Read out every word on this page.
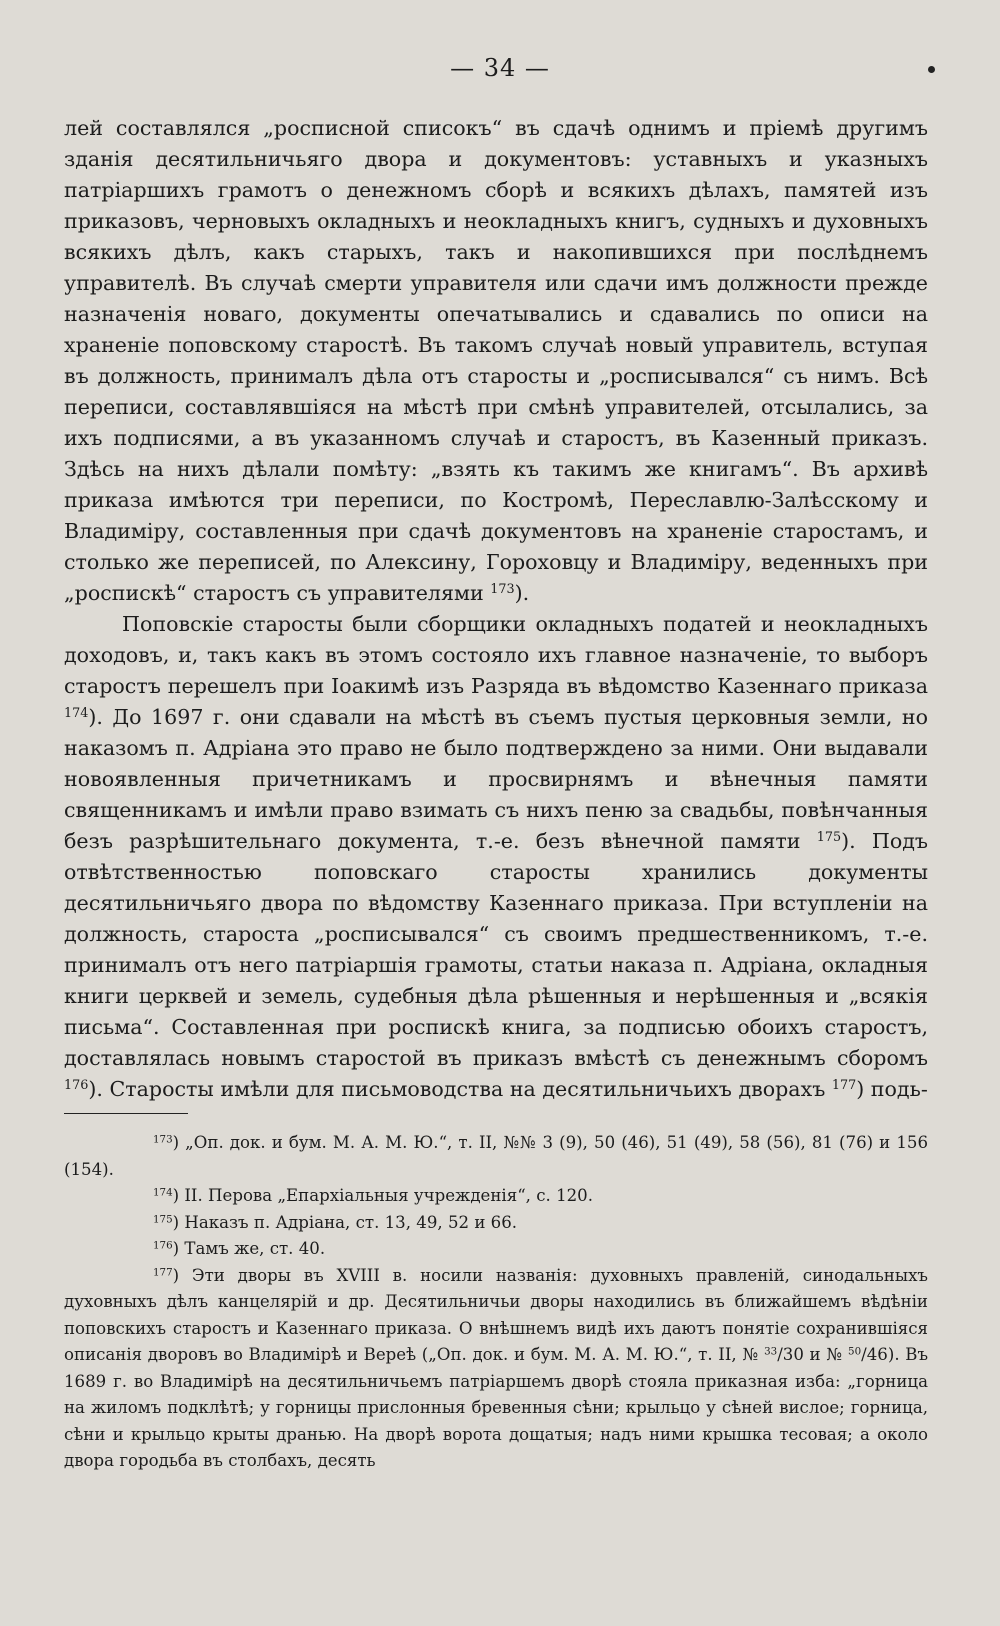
— 34 —

лей составлялся „росписной списокъ“ въ сдачѣ однимъ и пріемѣ другимъ зданія десятильничьяго двора и документовъ: уставныхъ и указныхъ патріаршихъ грамотъ о денежномъ сборѣ и всякихъ дѣлахъ, памятей изъ приказовъ, черновыхъ окладныхъ и неокладныхъ книгъ, судныхъ и духовныхъ всякихъ дѣлъ, какъ старыхъ, такъ и накопившихся при послѣднемъ управителѣ. Въ случаѣ смерти управителя или сдачи имъ должности прежде назначенія новаго, документы опечатывались и сдавались по описи на храненіе поповскому старостѣ. Въ такомъ случаѣ новый управитель, вступая въ должность, принималъ дѣла отъ старосты и „росписывался“ съ нимъ. Всѣ переписи, составлявшіяся на мѣстѣ при смѣнѣ управителей, отсылались, за ихъ подписями, а въ указанномъ случаѣ и старостъ, въ Казенный приказъ. Здѣсь на нихъ дѣлали помѣту: „взять къ такимъ же книгамъ“. Въ архивѣ приказа имѣются три переписи, по Костромѣ, Переславлю-Залѣсскому и Владиміру, составленныя при сдачѣ документовъ на храненіе старостамъ, и столько же переписей, по Алексину, Гороховцу и Владиміру, веденныхъ при „роспискѣ“ старостъ съ управителями $^{173}$).

Поповскіе старосты были сборщики окладныхъ податей и неокладныхъ доходовъ, и, такъ какъ въ этомъ состояло ихъ главное назначеніе, то выборъ старостъ перешелъ при Іоакимѣ изъ Разряда въ вѣдомство Казеннаго приказа $^{174}$). До 1697 г. они сдавали на мѣстѣ въ съемъ пустыя церковныя земли, но наказомъ п. Адріана это право не было подтверждено за ними. Они выдавали новоявленныя причетникамъ и просвирнямъ и вѣнечныя памяти священникамъ и имѣли право взимать съ нихъ пеню за свадьбы, повѣнчанныя безъ разрѣшительнаго документа, т.-е. безъ вѣнечной памяти $^{175}$). Подъ отвѣтственностью поповскаго старосты хранились документы десятильничьяго двора по вѣдомству Казеннаго приказа. При вступленіи на должность, староста „росписывался“ съ своимъ предшественникомъ, т.-е. принималъ отъ него патріаршія грамоты, статьи наказа п. Адріана, окладныя книги церквей и земель, судебныя дѣла рѣшенныя и нерѣшенныя и „всякія письма“. Составленная при роспискѣ книга, за подписью обоихъ старостъ, доставлялась новымъ старостой въ приказъ вмѣстѣ съ денежнымъ сборомъ $^{176}$). Старосты имѣли для письмоводства на десятильничьихъ дворахъ $^{177}$) подь-

$^{173}$) „Оп. док. и бум. М. А. М. Ю.“, т. II, №№ 3 (9), 50 (46), 51 (49), 58 (56), 81 (76) и 156 (154).

$^{174}$) II. Перова „Епархіальныя учрежденія“, с. 120.

$^{175}$) Наказъ п. Адріана, ст. 13, 49, 52 и 66.

$^{176}$) Тамъ же, ст. 40.

$^{177}$) Эти дворы въ XVIII в. носили названія: духовныхъ правленій, синодальныхъ духовныхъ дѣлъ канцелярій и др. Десятильничьи дворы находились въ ближайшемъ вѣдѣніи поповскихъ старостъ и Казеннаго приказа. О внѣшнемъ видѣ ихъ даютъ понятіе сохранившіяся описанія дворовъ во Владимірѣ и Вереѣ („Оп. док. и бум. М. А. М. Ю.“, т. II, № $^{33}$/30 и № $^{50}$/46). Въ 1689 г. во Владимірѣ на десятильничьемъ патріаршемъ дворѣ стояла приказная изба: „горница на жиломъ подклѣтѣ; у горницы прислонныя бревенныя сѣни; крыльцо у сѣней вислое; горница, сѣни и крыльцо крыты дранью. На дворѣ ворота дощатыя; надъ ними крышка тесовая; а около двора городьба въ столбахъ, десять
